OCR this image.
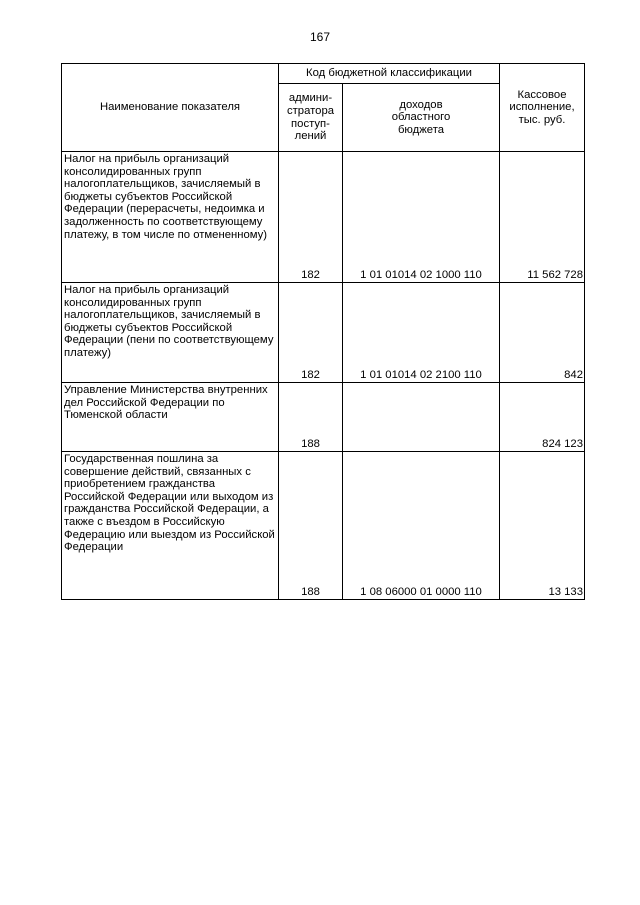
167
Наименование показателя	Код бюджетной классификации		Кассовое
исполнение,
тыс. руб.
	админи-
стратора
поступ-
лений	доходов
областного
бюджета	
Налог на прибыль организаций консолидированных групп налогоплательщиков, зачисляемый в бюджеты субъектов Российской Федерации (перерасчеты, недоимка и задолженность по соответствующему платежу, в том числе по отмененному)	182	1 01 01014 02 1000 110	11 562 728

Налог на прибыль организаций консолидированных групп налогоплательщиков, зачисляемый в бюджеты субъектов Российской Федерации (пени по соответствующему платежу)	182	1 01 01014 02 2100 110	842
Управление Министерства внутренних дел Российской Федерации по Тюменской области	188		824 123
Государственная пошлина за совершение действий, связанных с приобретением гражданства Российской Федерации или выходом из гражданства Российской Федерации, а также с въездом в Российскую Федерацию или выездом из Российской Федерации	188	1 08 06000 01 0000 110	13 133
